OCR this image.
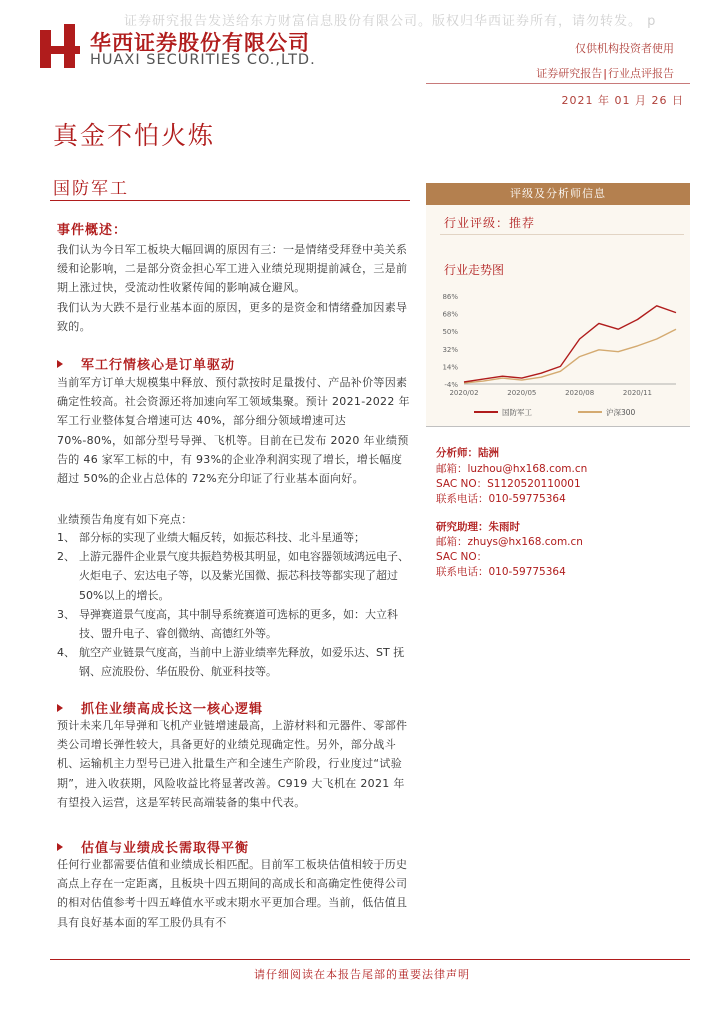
证券研究报告发送给东方财富信息股份有限公司。版权归华西证券所有，请勿转发。 p
华西证券股份有限公司
HUAXI SECURITIES CO.,LTD.
仅供机构投资者使用
证券研究报告|行业点评报告
2021 年 01 月 26 日
真金不怕火炼
国防军工
事件概述：

我们认为今日军工板块大幅回调的原因有三：一是情绪受拜登中美关系缓和论影响，二是部分资金担心军工进入业绩兑现期提前减仓，三是前期上涨过快，受流动性收紧传闻的影响减仓避风。

我们认为大跌不是行业基本面的原因，更多的是资金和情绪叠加因素导致的。

军工行情核心是订单驱动
当前军方订单大规模集中释放、预付款按时足量拨付、产品补价等因素确定性较高。社会资源还将加速向军工领域集聚。预计 2021-2022 年军工行业整体复合增速可达 40%，部分细分领域增速可达 70%-80%，如部分型号导弹、飞机等。目前在已发布 2020 年业绩预告的 46 家军工标的中，有 93%的企业净利润实现了增长，增长幅度超过 50%的企业占总体的 72%充分印证了行业基本面向好。
业绩预告角度有如下亮点：
1、 部分标的实现了业绩大幅反转，如振芯科技、北斗星通等；
2、 上游元器件企业景气度共振趋势极其明显，如电容器领域鸿远电子、火炬电子、宏达电子等，以及紫光国微、振芯科技等都实现了超过 50%以上的增长。
3、 导弹赛道景气度高，其中制导系统赛道可选标的更多，如：大立科技、盟升电子、睿创微纳、高德红外等。
4、 航空产业链景气度高，当前中上游业绩率先释放，如爱乐达、ST 抚钢、应流股份、华伍股份、航亚科技等。
抓住业绩高成长这一核心逻辑
预计未来几年导弹和飞机产业链增速最高，上游材料和元器件、零部件类公司增长弹性较大，具备更好的业绩兑现确定性。另外，部分战斗机、运输机主力型号已进入批量生产和全速生产阶段，行业度过“试验期”，进入收获期，风险收益比将显著改善。C919 大飞机在 2021 年有望投入运营，这是军转民高端装备的集中代表。
估值与业绩成长需取得平衡
任何行业都需要估值和业绩成长相匹配。目前军工板块估值相较于历史高点上存在一定距离，且板块十四五期间的高成长和高确定性使得公司的相对估值参考十四五峰值水平或末期水平更加合理。当前，低估值且具有良好基本面的军工股仍具有不
评级及分析师信息
行业评级：推荐
行业走势图
-4%
14%
32%
50%
68%
86%
2020/02	2020/05	2020/08	2020/11
国防军工	沪深300
分析师：陆洲
邮箱：luzhou@hx168.com.cn
SAC NO：S1120520110001
联系电话：010-59775364
研究助理：朱雨时
邮箱：zhuys@hx168.com.cn
SAC NO：
联系电话：010-59775364
请仔细阅读在本报告尾部的重要法律声明
